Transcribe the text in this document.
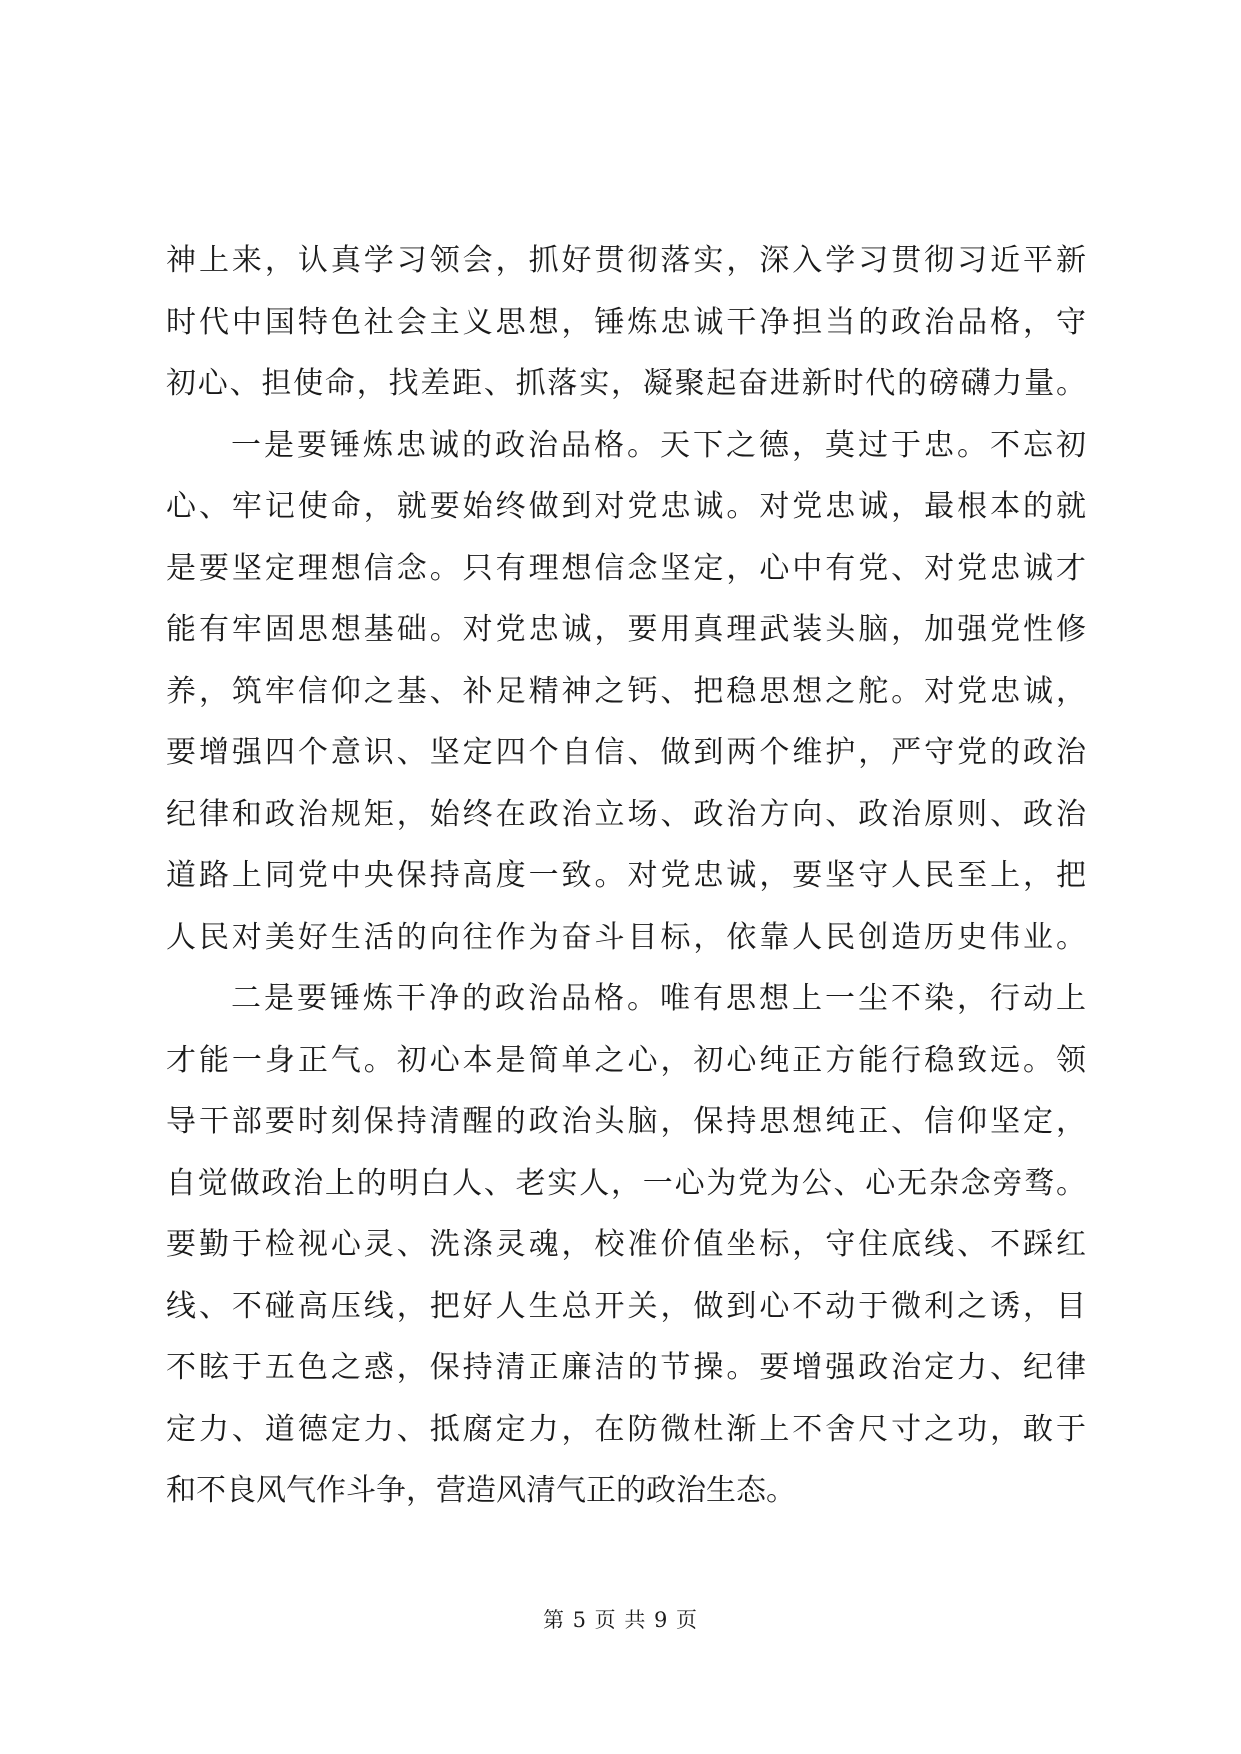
神上来，认真学习领会，抓好贯彻落实，深入学习贯彻习近平新
时代中国特色社会主义思想，锤炼忠诚干净担当的政治品格，守
初心、担使命，找差距、抓落实，凝聚起奋进新时代的磅礴力量。
一是要锤炼忠诚的政治品格。天下之德，莫过于忠。不忘初
心、牢记使命，就要始终做到对党忠诚。对党忠诚，最根本的就
是要坚定理想信念。只有理想信念坚定，心中有党、对党忠诚才
能有牢固思想基础。对党忠诚，要用真理武装头脑，加强党性修
养，筑牢信仰之基、补足精神之钙、把稳思想之舵。对党忠诚，
要增强四个意识、坚定四个自信、做到两个维护，严守党的政治
纪律和政治规矩，始终在政治立场、政治方向、政治原则、政治
道路上同党中央保持高度一致。对党忠诚，要坚守人民至上，把
人民对美好生活的向往作为奋斗目标，依靠人民创造历史伟业。
二是要锤炼干净的政治品格。唯有思想上一尘不染，行动上
才能一身正气。初心本是简单之心，初心纯正方能行稳致远。领
导干部要时刻保持清醒的政治头脑，保持思想纯正、信仰坚定，
自觉做政治上的明白人、老实人，一心为党为公、心无杂念旁骛。
要勤于检视心灵、洗涤灵魂，校准价值坐标，守住底线、不踩红
线、不碰高压线，把好人生总开关，做到心不动于微利之诱，目
不眩于五色之惑，保持清正廉洁的节操。要增强政治定力、纪律
定力、道德定力、抵腐定力，在防微杜渐上不舍尺寸之功，敢于
和不良风气作斗争，营造风清气正的政治生态。
第 5 页 共 9 页
